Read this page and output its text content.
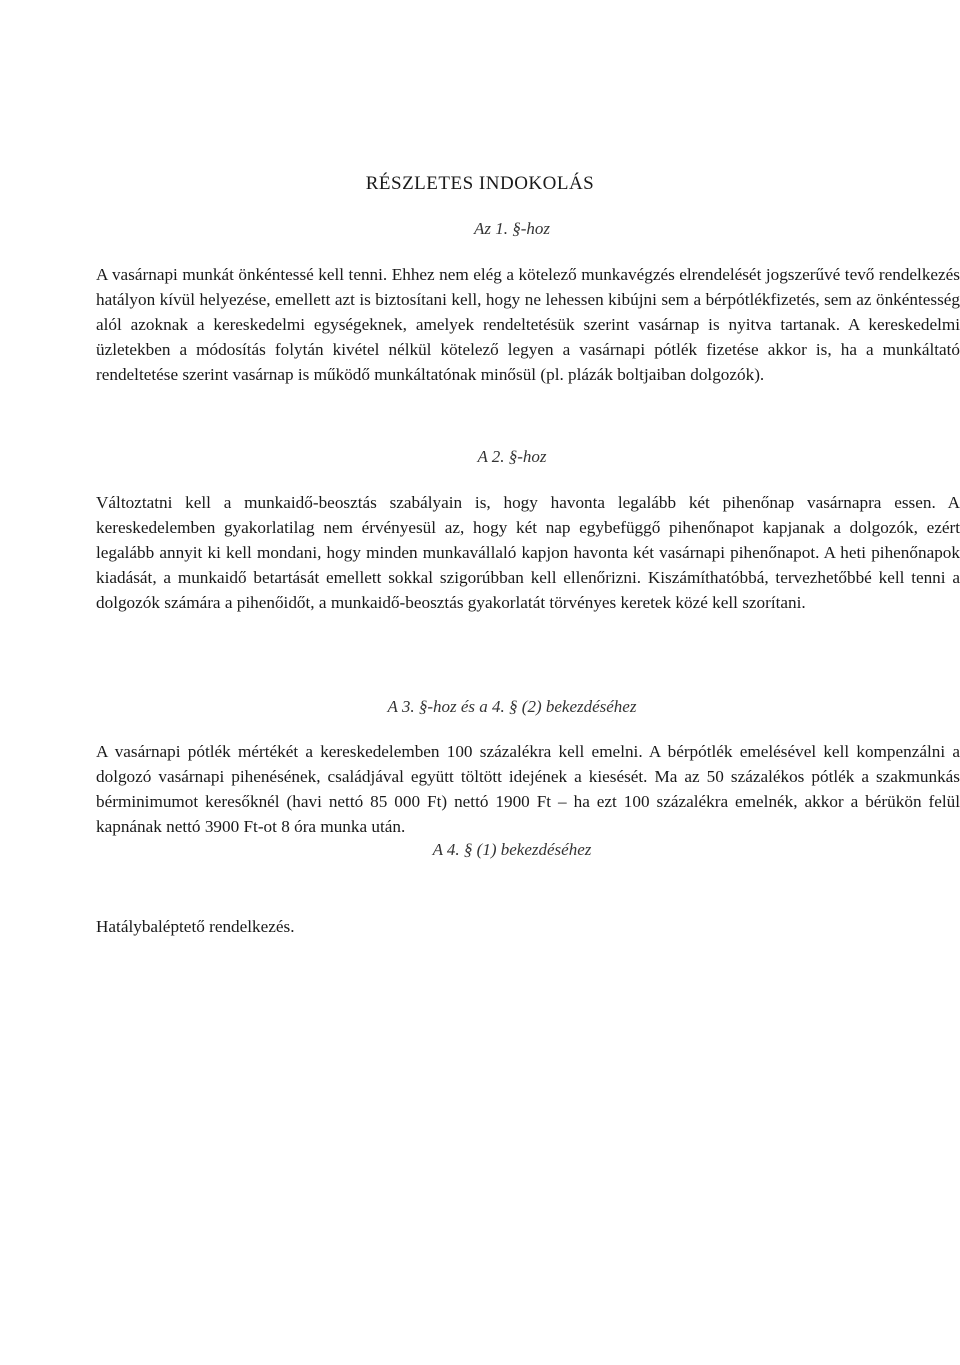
RÉSZLETES INDOKOLÁS
Az 1. §-hoz

A vasárnapi munkát önkéntessé kell tenni. Ehhez nem elég a kötelező munkavégzés elrendelését jogszerűvé tevő rendelkezés hatályon kívül helyezése, emellett azt is biztosítani kell, hogy ne lehessen kibújni sem a bérpótlékfizetés, sem az önkéntesség alól azoknak a kereskedelmi egységeknek, amelyek rendeltetésük szerint vasárnap is nyitva tartanak. A kereskedelmi üzletekben a módosítás folytán kivétel nélkül kötelező legyen a vasárnapi pótlék fizetése akkor is, ha a munkáltató rendeltetése szerint vasárnap is működő munkáltatónak minősül (pl. plázák boltjaiban dolgozók).

A 2. §-hoz

Változtatni kell a munkaidő-beosztás szabályain is, hogy havonta legalább két pihenőnap vasárnapra essen. A kereskedelemben gyakorlatilag nem érvényesül az, hogy két nap egybefüggő pihenőnapot kapjanak a dolgozók, ezért legalább annyit ki kell mondani, hogy minden munkavállaló kapjon havonta két vasárnapi pihenőnapot. A heti pihenőnapok kiadását, a munkaidő betartását emellett sokkal szigorúbban kell ellenőrizni. Kiszámíthatóbbá, tervezhetőbbé kell tenni a dolgozók számára a pihenőidőt, a munkaidő-beosztás gyakorlatát törvényes keretek közé kell szorítani.

A 3. §-hoz és a 4. § (2) bekezdéséhez

A vasárnapi pótlék mértékét a kereskedelemben 100 százalékra kell emelni. A bérpótlék emelésével kell kompenzálni a dolgozó vasárnapi pihenésének, családjával együtt töltött idejének a kiesését. Ma az 50 százalékos pótlék a szakmunkás bérminimumot keresőknél (havi nettó 85 000 Ft) nettó 1900 Ft – ha ezt 100 százalékra emelnék, akkor a bérükön felül kapnának nettó 3900 Ft-ot 8 óra munka után.

A 4. § (1) bekezdéséhez

Hatálybaléptető rendelkezés.
